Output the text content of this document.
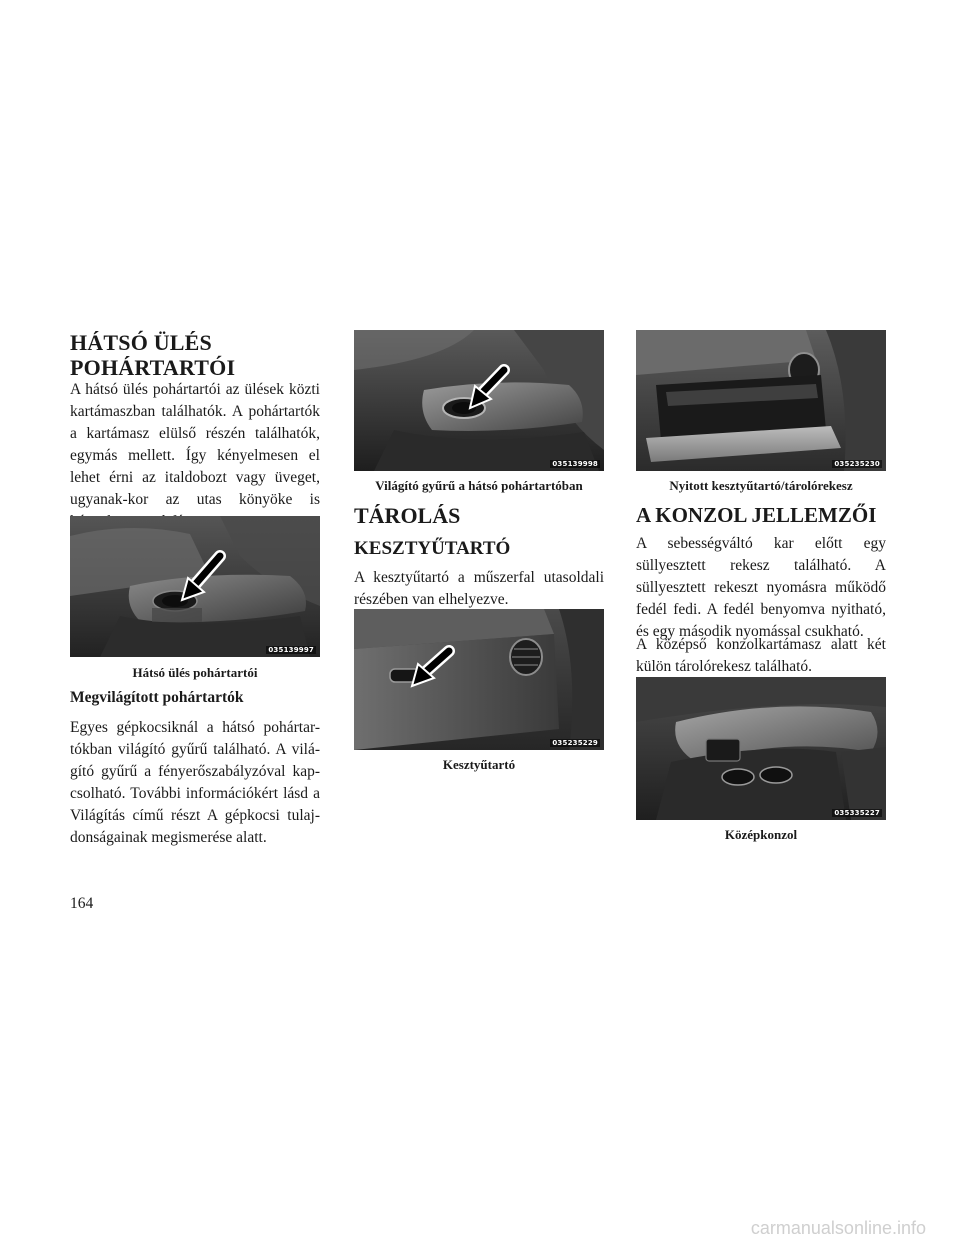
HÁTSÓ ÜLÉS
POHÁRTARTÓI

A hátsó ülés pohártartói az ülések közti kartámaszban találhatók. A pohártartók a kartámasz elülső részén találhatók, egymás mellett. Így kényelmesen el lehet érni az italdobozt vagy üveget, ugyanak-kor az utas könyöke is

035139997

Hátsó ülés pohártartói

Megvilágított pohártartók

Egyes gépkocsiknál a hátsó pohártar-tókban világító gyűrű található. A vilá-gító gyűrű a fényerőszabályzóval kap-csolható. További információkért lásd a Világítás című részt A gépkocsi tulaj-donságainak megismerése alatt.

035139998

Világító gyűrű a hátsó pohártartóban

TÁROLÁS
KESZTYŰTARTÓ

A kesztyűtartó a műszerfal utasoldali részében van elhelyezve.

035235229

Kesztyűtartó

035235230

Nyitott kesztyűtartó/tárolórekesz

A KONZOL JELLEMZŐI

A sebességváltó kar előtt egy süllyesztett rekesz található. A süllyesztett rekeszt nyomásra működő fedél fedi. A fedél benyomva nyitható, és egy második nyomással csukható.

A középső konzolkartámasz alatt két külön tárolórekesz található.

035335227

Középkonzol

164

carmanualsonline.info
